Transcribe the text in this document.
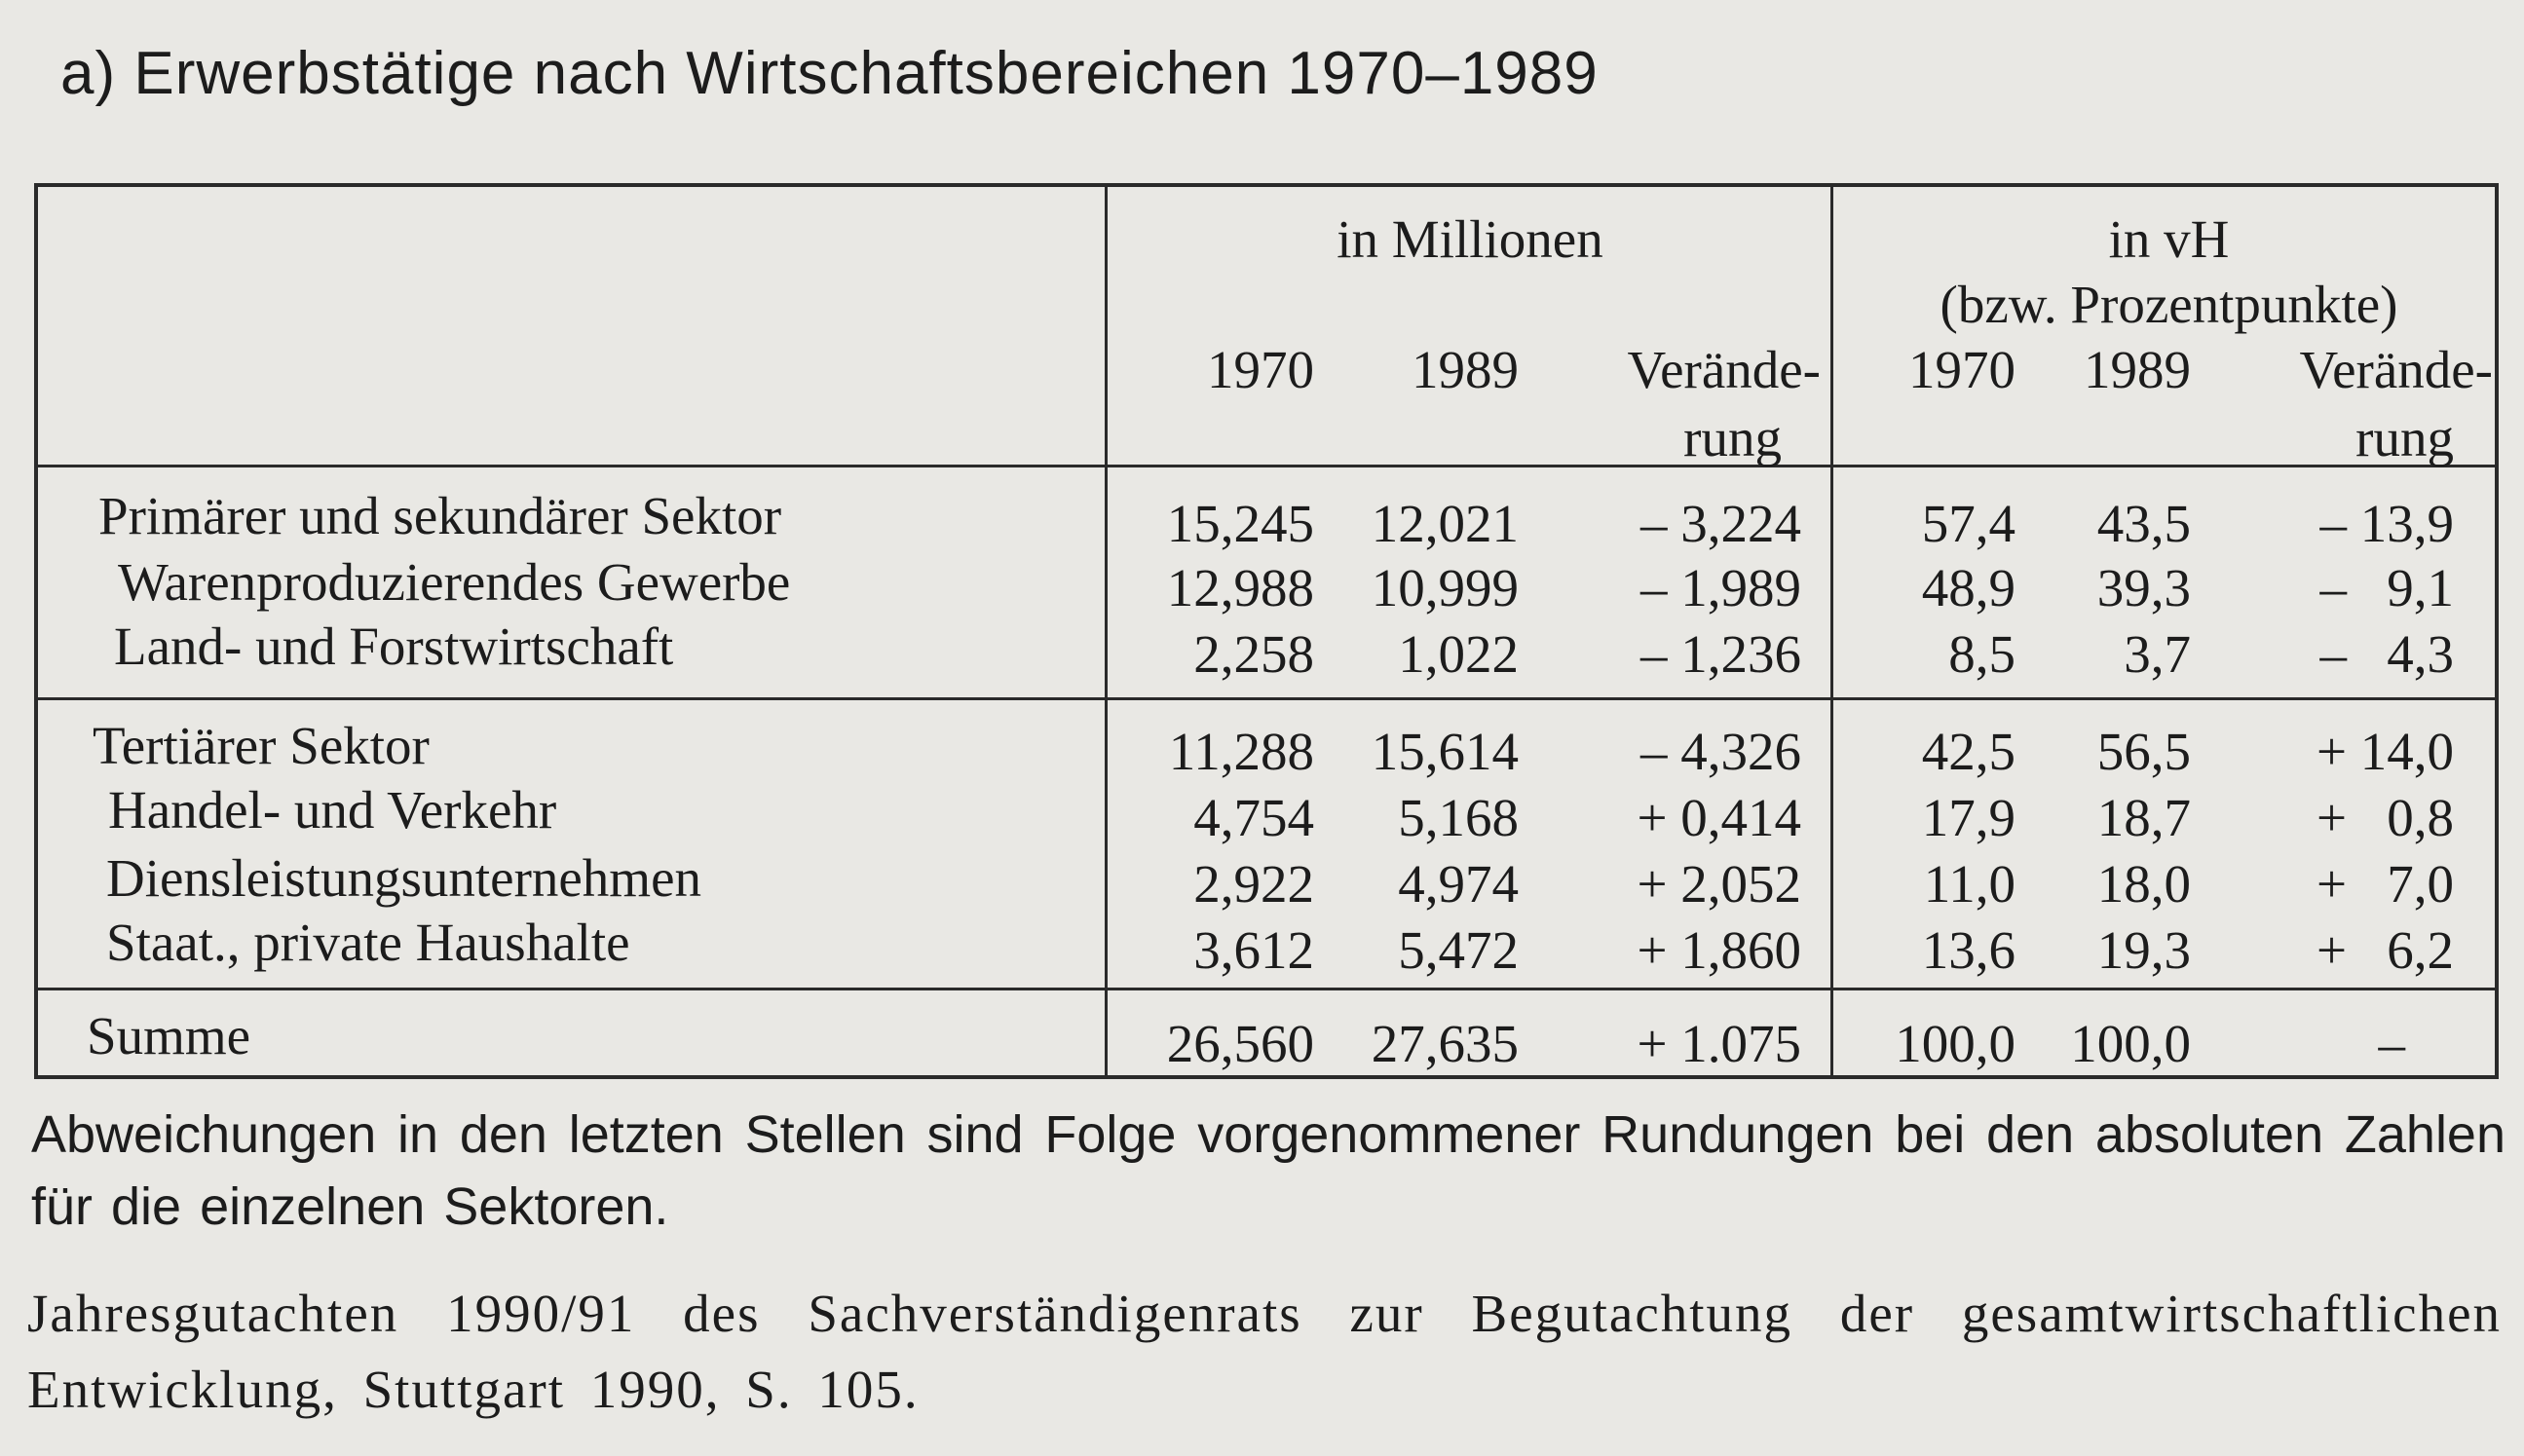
a) Erwerbstätige nach Wirtschaftsbereichen 1970–1989
in Millionen
1970	1989	Verände-
rung
in vH
(bzw. Prozentpunkte)
1970	1989	Verände-
rung
Primärer und sekundärer Sektor	15,245	12,021	– 3,224	57,4	43,5	– 13,9
Warenproduzierendes Gewerbe	12,988	10,999	– 1,989	48,9	39,3	–   9,1
Land- und Forstwirtschaft	2,258	1,022	– 1,236	8,5	3,7	–   4,3
Tertiärer Sektor	11,288	15,614	– 4,326	42,5	56,5	+ 14,0
Handel- und Verkehr	4,754	5,168	+ 0,414	17,9	18,7	+   0,8
Diensleistungsunternehmen	2,922	4,974	+ 2,052	11,0	18,0	+   7,0
Staat., private Haushalte	3,612	5,472	+ 1,860	13,6	19,3	+   6,2
Summe	26,560	27,635	+ 1.075	100,0	100,0	–
Abweichungen in den letzten Stellen sind Folge vorgenommener Rundungen bei den absoluten Zahlen für die einzelnen Sektoren.
Jahresgutachten 1990/91 des Sachverständigenrats zur Begutachtung der gesamtwirtschaftlichen Entwicklung, Stuttgart 1990, S. 105.
